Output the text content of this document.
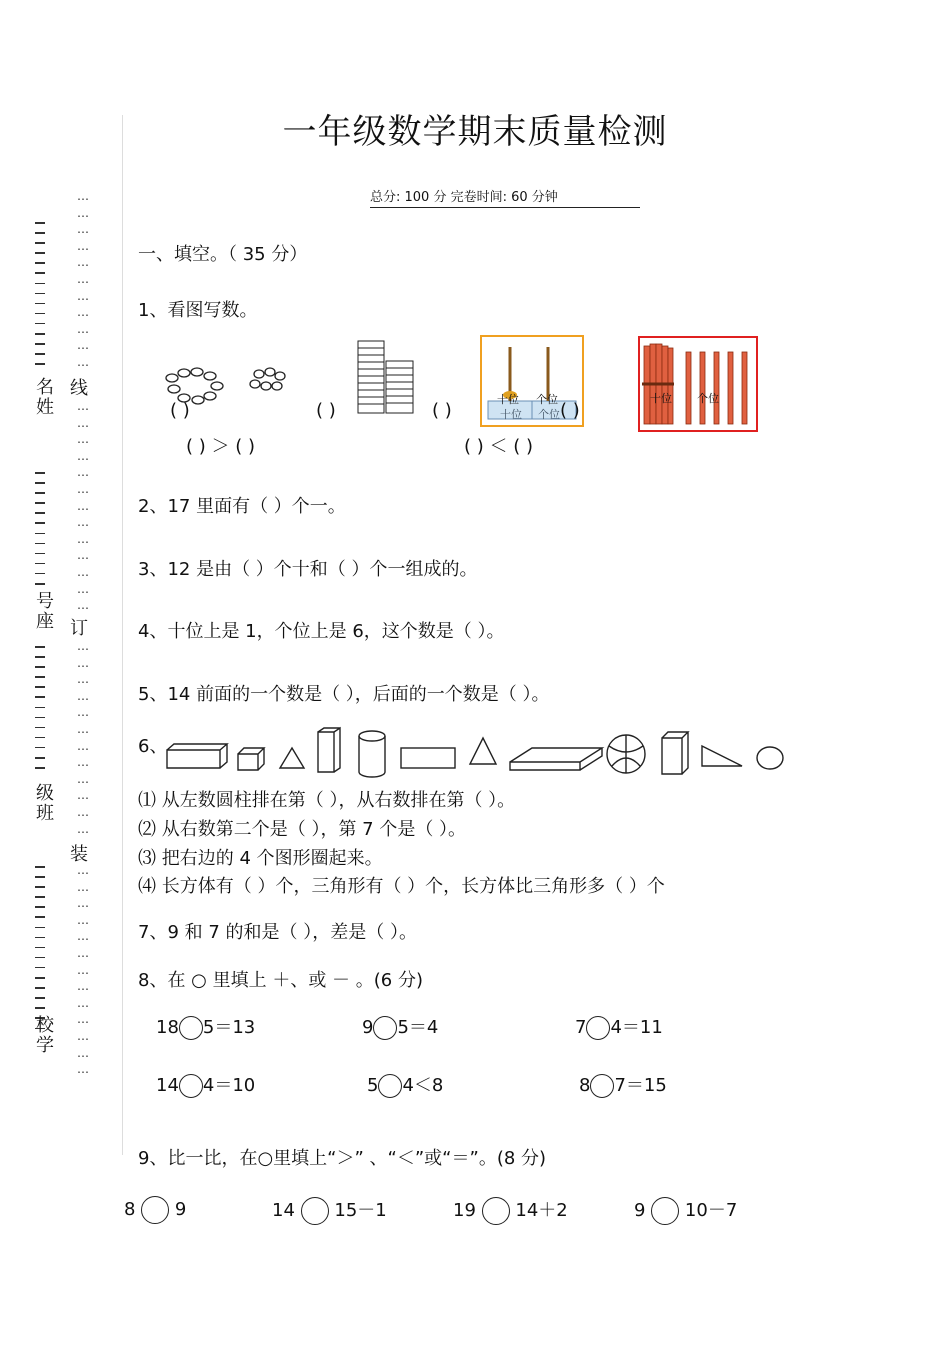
一年级数学期末质量检测
总分: 100 分 完卷时间: 60 分钟
…
…
…
…
…
…
…
…
…
…
…
线
…
…
…
…
…
…
…
…
…
…
…
…
…
订
…
…
…
…
…
…
…
…
…
…
…
…
装
…
…
…
…
…
…
…
…
…
…
…
…
…
名姓
号座
级班
校学
一、填空。（ 35 分）
1、看图写数。
十位 个位
十位 个位
十位 个位
( )	( )	( )	( )
( ) ＞ ( )	( ) ＜ ( )
2、17 里面有（ ）个一。
3、12 是由（ ）个十和（ ）个一组成的。
4、十位上是 1，个位上是 6，这个数是（ ）。
5、14 前面的一个数是（ ），后面的一个数是（ ）。
6、
⑴ 从左数圆柱排在第（ ），从右数排在第（ ）。
⑵ 从右数第二个是（ ），第 7 个是（ ）。
⑶ 把右边的 4 个图形圈起来。
⑷ 长方体有（ ）个，三角形有（ ）个，长方体比三角形多（ ）个
7、9 和 7 的和是（ ），差是（ ）。
8、在 ○ 里填上 ＋、或 － 。(6 分)
18 5＝13	9 5＝4	7 4＝11
14 4＝10	5 4＜8	8 7＝15
9、比一比，在○里填上“＞” 、“＜”或“＝”。(8 分)
8 9	14 15－1	19 14＋2	9 10－7
